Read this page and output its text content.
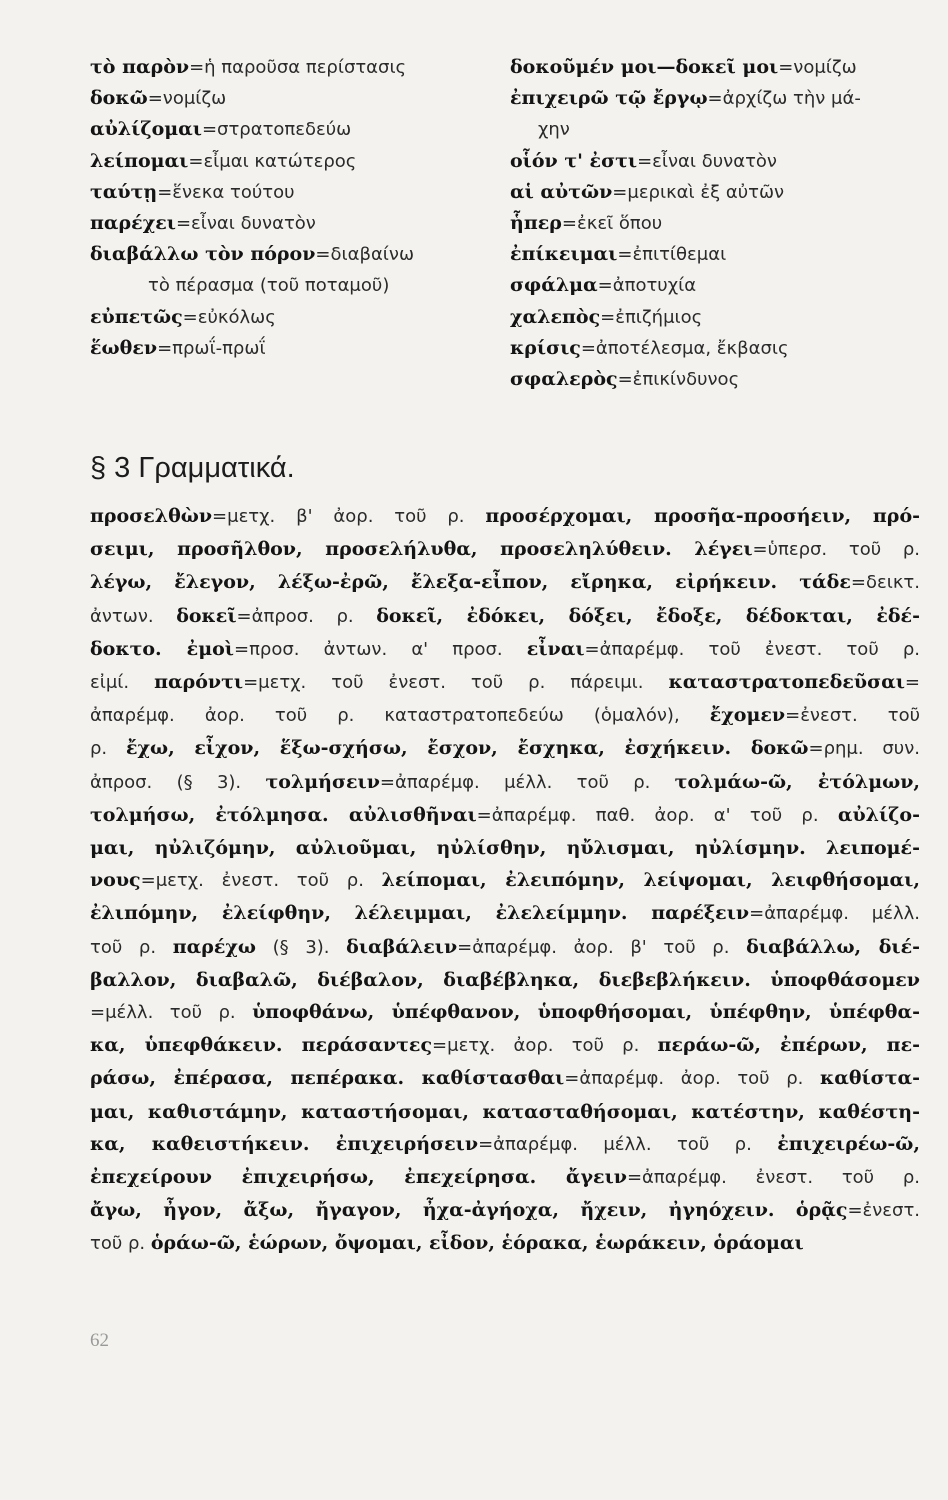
τὸ παρὸν=ἡ παροῦσα περίστασις
δοκῶ=νομίζω
αὐλίζομαι=στρατοπεδεύω
λείπομαι=εἶμαι κατώτερος
ταύτῃ=ἕνεκα τούτου
παρέχει=εἶναι δυνατὸν
διαβάλλω τὸν πόρον=διαβαίνω
τὸ πέρασμα (τοῦ ποταμοῦ)
εὐπετῶς=εὐκόλως
ἕωθεν=πρωΐ-πρωΐ
δοκοῦμέν μοι—δοκεῖ μοι=νομίζω
ἐπιχειρῶ τῷ ἔργῳ=ἀρχίζω τὴν μά-
χην
οἷόν τ' ἐστι=εἶναι δυνατὸν
αἱ αὐτῶν=μερικαὶ ἐξ αὐτῶν
ἧπερ=ἐκεῖ ὅπου
ἐπίκειμαι=ἐπιτίθεμαι
σφάλμα=ἀποτυχία
χαλεπὸς=ἐπιζήμιος
κρίσις=ἀποτέλεσμα, ἔκβασις
σφαλερὸς=ἐπικίνδυνος
§ 3 Γραμματικά.
προσελθὼν=μετχ. β' ἀορ. τοῦ ρ. προσέρχομαι, προσῆα-προσήειν, πρό-
σειμι, προσῆλθον, προσελήλυθα, προσεληλύθειν. λέγει=ὑπερσ. τοῦ ρ.
λέγω, ἔλεγον, λέξω-ἐρῶ, ἔλεξα-εἶπον, εἴρηκα, εἰρήκειν. τάδε=δεικτ.
ἀντων. δοκεῖ=ἀπροσ. ρ. δοκεῖ, ἐδόκει, δόξει, ἔδοξε, δέδοκται, ἐδέ-
δοκτο. ἐμοὶ=προσ. ἀντων. α' προσ. εἶναι=ἀπαρέμφ. τοῦ ἐνεστ. τοῦ ρ.
εἰμί. παρόντι=μετχ. τοῦ ἐνεστ. τοῦ ρ. πάρειμι. καταστρατοπεδεῦσαι=
ἀπαρέμφ. ἀορ. τοῦ ρ. καταστρατοπεδεύω (ὁμαλόν), ἔχομεν=ἐνεστ. τοῦ
ρ. ἔχω, εἶχον, ἕξω-σχήσω, ἔσχον, ἔσχηκα, ἐσχήκειν. δοκῶ=ρημ. συν.
ἀπροσ. (§ 3). τολμήσειν=ἀπαρέμφ. μέλλ. τοῦ ρ. τολμάω-ῶ, ἐτόλμων,
τολμήσω, ἐτόλμησα. αὐλισθῆναι=ἀπαρέμφ. παθ. ἀορ. α' τοῦ ρ. αὐλίζο-
μαι, ηὐλιζόμην, αὐλιοῦμαι, ηὐλίσθην, ηὔλισμαι, ηὐλίσμην. λειπομέ-
νους=μετχ. ἐνεστ. τοῦ ρ. λείπομαι, ἐλειπόμην, λείψομαι, λειφθήσομαι,
ἐλιπόμην, ἐλείφθην, λέλειμμαι, ἐλελείμμην. παρέξειν=ἀπαρέμφ. μέλλ.
τοῦ ρ. παρέχω (§ 3). διαβάλειν=ἀπαρέμφ. ἀορ. β' τοῦ ρ. διαβάλλω, διέ-
βαλλον, διαβαλῶ, διέβαλον, διαβέβληκα, διεβεβλήκειν. ὑποφθάσομεν
=μέλλ. τοῦ ρ. ὑποφθάνω, ὑπέφθανον, ὑποφθήσομαι, ὑπέφθην, ὑπέφθα-
κα, ὑπεφθάκειν. περάσαντες=μετχ. ἀορ. τοῦ ρ. περάω-ῶ, ἐπέρων, πε-
ράσω, ἐπέρασα, πεπέρακα. καθίστασθαι=ἀπαρέμφ. ἀορ. τοῦ ρ. καθίστα-
μαι, καθιστάμην, καταστήσομαι, κατασταθήσομαι, κατέστην, καθέστη-
κα, καθειστήκειν. ἐπιχειρήσειν=ἀπαρέμφ. μέλλ. τοῦ ρ. ἐπιχειρέω-ῶ,
ἐπεχείρουν ἐπιχειρήσω, ἐπεχείρησα. ἄγειν=ἀπαρέμφ. ἐνεστ. τοῦ ρ.
ἄγω, ἦγον, ἄξω, ἤγαγον, ἦχα-ἀγήοχα, ἤχειν, ἠγηόχειν. ὁρᾷς=ἐνεστ.
τοῦ ρ. ὁράω-ῶ, ἑώρων, ὄψομαι, εἶδον, ἑόρακα, ἑωράκειν, ὁράομαι
62
